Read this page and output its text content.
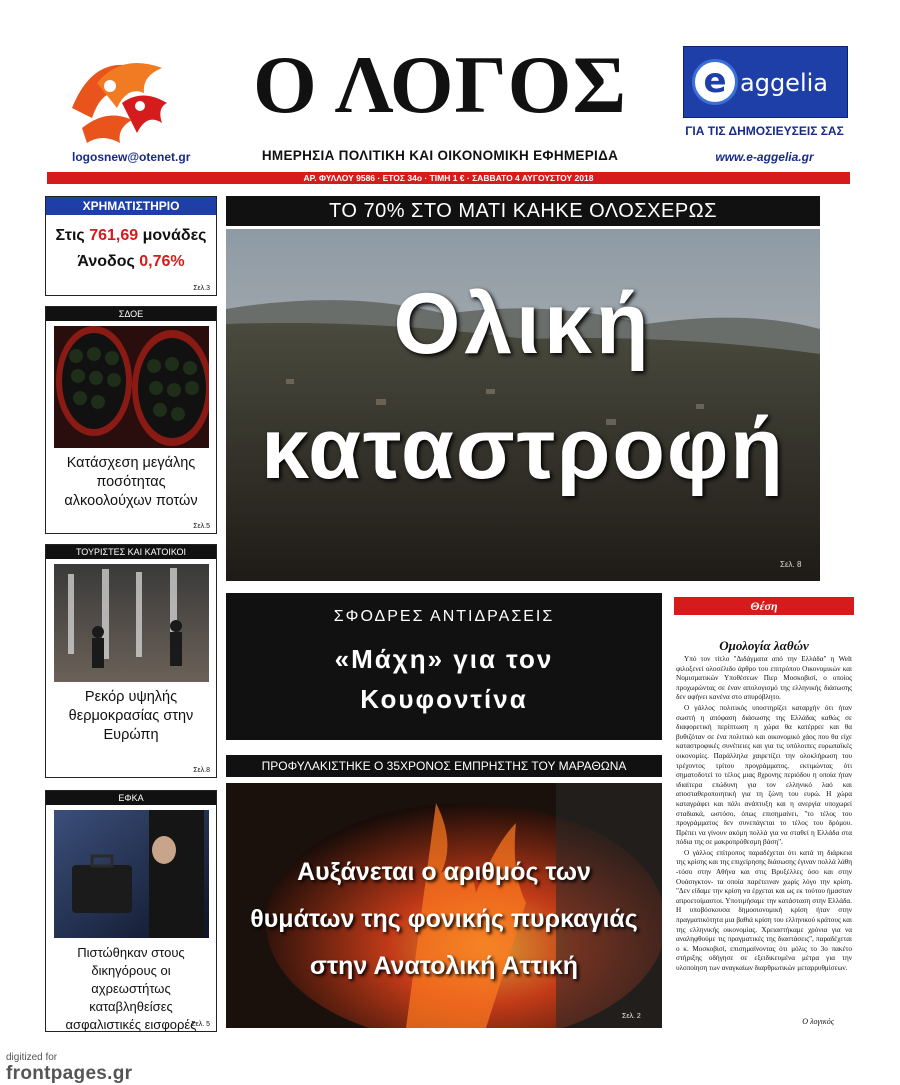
logosnew@otenet.gr
Ο ΛΟΓΟΣ
ΗΜΕΡΗΣΙΑ ΠΟΛΙΤΙΚΗ ΚΑΙ ΟΙΚΟΝΟΜΙΚΗ ΕΦΗΜΕΡΙΔΑ
e aggelia
ΓΙΑ ΤΙΣ ΔΗΜΟΣΙΕΥΣΕΙΣ ΣΑΣ
www.e-aggelia.gr
ΑΡ. ΦΥΛΛΟΥ 9586 · ΕΤΟΣ 34ο · ΤΙΜΗ 1 € · ΣΑΒΒΑΤΟ 4 ΑΥΓΟΥΣΤΟΥ 2018
ΧΡΗΜΑΤΙΣΤΗΡΙΟ
Στις 761,69 μονάδες
Άνοδος 0,76%
Σελ.3
ΣΔΟΕ
Κατάσχεση μεγάλης ποσότητας αλκοολούχων ποτών
Σελ.5
ΤΟΥΡΙΣΤΕΣ ΚΑΙ ΚΑΤΟΙΚΟΙ
Ρεκόρ υψηλής θερμοκρασίας στην Ευρώπη
Σελ.8
ΕΦΚΑ
Πιστώθηκαν στους δικηγόρους οι αχρεωστήτως καταβληθείσες ασφαλιστικές εισφορές
Σελ. 5
ΤΟ 70% ΣΤΟ ΜΑΤΙ ΚΑΗΚΕ ΟΛΟΣΧΕΡΩΣ
Ολική
καταστροφή
Σελ. 8
ΣΦΟΔΡΕΣ ΑΝΤΙΔΡΑΣΕΙΣ
«Μάχη» για τον
Κουφοντίνα
Σελ.3
ΠΡΟΦΥΛΑΚΙΣΤΗΚΕ Ο 35ΧΡΟΝΟΣ ΕΜΠΡΗΣΤΗΣ ΤΟΥ ΜΑΡΑΘΩΝΑ
Αυξάνεται ο αριθμός των
θυμάτων της φονικής πυρκαγιάς
στην Ανατολική Αττική
Σελ. 2
Θέση
Ομολογία λαθών

Υπό τον τίτλο "Διδάγματα από την Ελλάδα" η Welt φιλοξενεί ολοσέλιδο άρθρο του επιτρόπου Οικονομικών και Νομισματικών Υποθέσεων Πιερ Μοσκοβισί, ο οποίος προχωρώντας σε έναν απολογισμό της ελληνικής διάσωσης δεν αφήνει κανένα στο απυρόβλητο.

Ο γάλλος πολιτικός υποστηρίζει καταρχήν ότι ήταν σωστή η απόφαση διάσωσης της Ελλάδας καθώς σε διαφορετική περίπτωση η χώρα θα κατέρρεε και θα βυθιζόταν σε ένα πολιτικό και οικονομικό χάος που θα είχε καταστροφικές συνέπειες και για τις υπόλοιπες ευρωπαϊκές οικονομίες. Παράλληλα χαιρετίζει την ολοκλήρωση του τρέχοντος τρίτου προγράμματος, εκτιμώντας ότι σηματοδοτεί το τέλος μιας 8χρονης περιόδου η οποία ήταν ιδιαίτερα επώδυνη για τον ελληνικό λαό και αποσταθεροποιητική για τη ζώνη του ευρώ. Η χώρα καταγράφει και πάλι ανάπτυξη και η ανεργία υποχωρεί σταδιακά, ωστόσο, όπως επισημαίνει, "το τέλος του προγράμματος δεν συνεπάγεται το τέλος του δρόμου. Πρέπει να γίνουν ακόμη πολλά για να σταθεί η Ελλάδα στα πόδια της σε μακροπρόθεσμη βάση".

Ο γάλλος επίτροπος παραδέχεται ότι κατά τη διάρκεια της κρίσης και της επιχείρησης διάσωσης έγιναν πολλά λάθη -τόσο στην Αθήνα και στις Βρυξέλλες όσο και στην Ουάσιγκτον- τα οποία παρέτειναν χωρίς λόγο την κρίση. "Δεν είδαμε την κρίση να έρχεται και ως εκ τούτου ήμασταν απροετοίμαστοι. Υποτιμήσαμε την κατάσταση στην Ελλάδα. Η υποβόσκουσα δημοσιονομική κρίση ήταν στην πραγματικότητα μια βαθιά κρίση του ελληνικού κράτους και της ελληνικής οικονομίας. Χρειαστήκαμε χρόνια για να αναληφθούμε τις πραγματικές της διαστάσεις", παραδέχεται ο κ. Μοσκοβισί, επισημαίνοντας ότι μόλις το 3ο πακέτο στήριξης οδήγησε σε εξειδικευμένα μέτρα για την υλοποίηση των αναγκαίων διαρθρωτικών μεταρρυθμίσεων.

Ο λογικός
digitized for
frontpages.gr
